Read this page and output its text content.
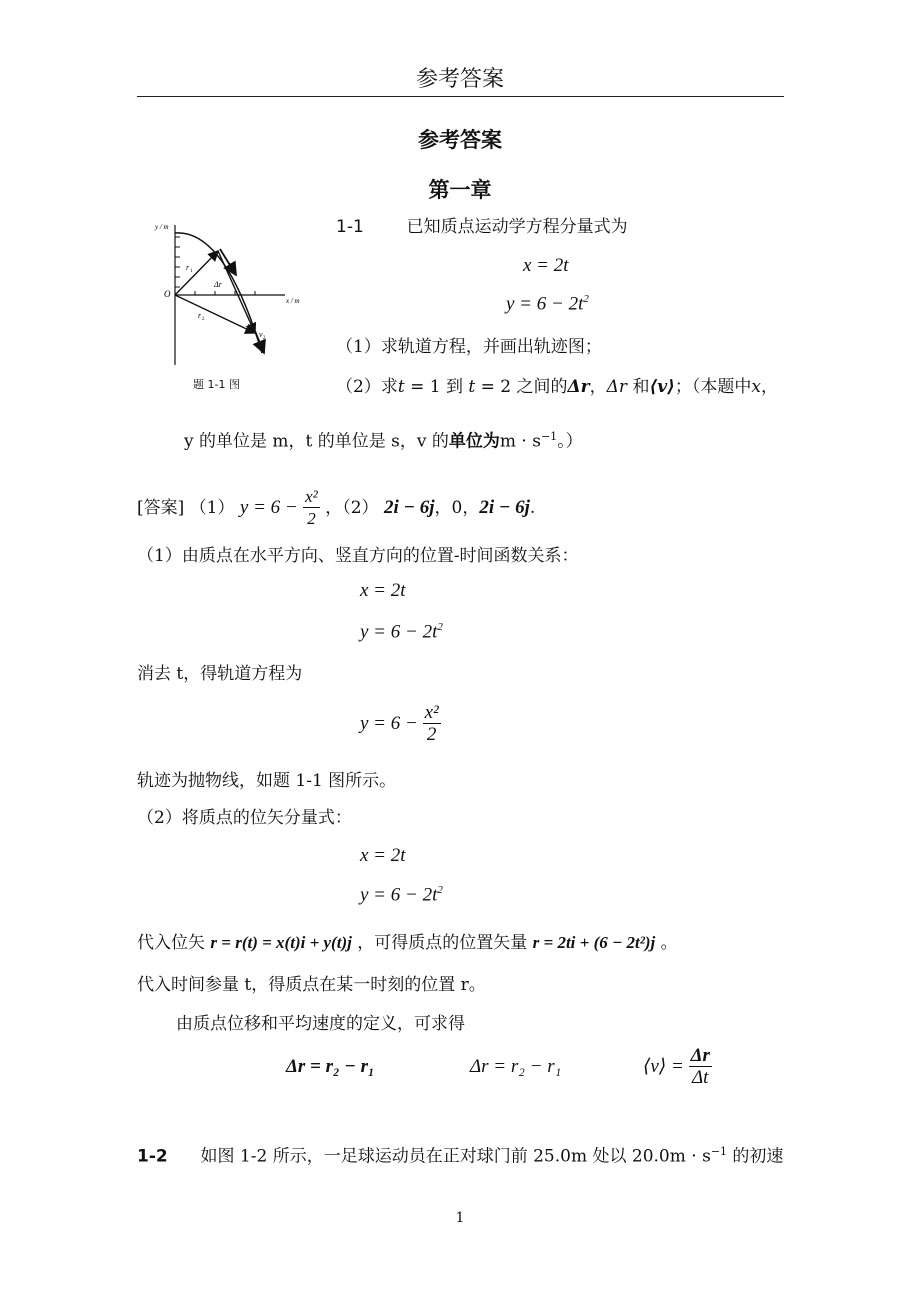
参考答案
参考答案
第一章
y / m
x / m
O
r 1
r 2
v 1
v 2
Δr
题 1-1 图
1-1	已知质点运动学方程分量式为
x = 2t
$y = 6 - 2t^2$
（1）求轨道方程，并画出轨迹图；
（2）求t = 1 到 t = 2 之间的Δr，Δr 和⟨v⟩；（本题中x，
y 的单位是 m，t 的单位是 s，v 的单位为$m \cdot s^{-1}$。）
[答案] （1） $y = 6 - \frac{\text{x²}}{2}$ ，（2） 2i − 6j，0，2i − 6j.
（1）由质点在水平方向、竖直方向的位置-时间函数关系：
x = 2t
$y = 6 - 2t^2$
消去 t，得轨道方程为
$y = 6 - \frac{\text{x²}}{2}$
轨迹为抛物线，如题 1-1 图所示。
（2）将质点的位矢分量式：
x = 2t
$y = 6 - 2t^2$
代入位矢 r = r(t) = x(t)i + y(t)j ，可得质点的位置矢量 r = 2ti + (6 − 2t²)j 。
代入时间参量 t，得质点在某一时刻的位置 r。
由质点位移和平均速度的定义，可求得
Δr = r₂ − r₁	Δr = r₂ − r₁	⟨v⟩ = $\frac{\Delta r}{\Delta t}$
1-2 如图 1-2 所示，一足球运动员在正对球门前 25.0m 处以 $20.0m \cdot s^{-1}$ 的初速
1
